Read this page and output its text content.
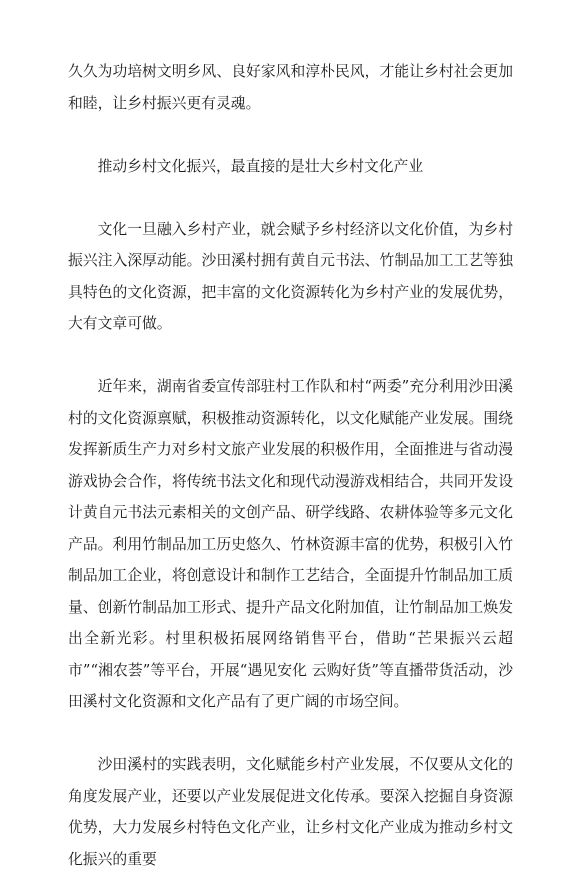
久久为功培树文明乡风、良好家风和淳朴民风，才能让乡村社会更加和睦，让乡村振兴更有灵魂。

推动乡村文化振兴，最直接的是壮大乡村文化产业

文化一旦融入乡村产业，就会赋予乡村经济以文化价值，为乡村振兴注入深厚动能。沙田溪村拥有黄自元书法、竹制品加工工艺等独具特色的文化资源，把丰富的文化资源转化为乡村产业的发展优势，大有文章可做。

近年来，湖南省委宣传部驻村工作队和村“两委”充分利用沙田溪村的文化资源禀赋，积极推动资源转化，以文化赋能产业发展。围绕发挥新质生产力对乡村文旅产业发展的积极作用，全面推进与省动漫游戏协会合作，将传统书法文化和现代动漫游戏相结合，共同开发设计黄自元书法元素相关的文创产品、研学线路、农耕体验等多元文化产品。利用竹制品加工历史悠久、竹林资源丰富的优势，积极引入竹制品加工企业，将创意设计和制作工艺结合，全面提升竹制品加工质量、创新竹制品加工形式、提升产品文化附加值，让竹制品加工焕发出全新光彩。村里积极拓展网络销售平台，借助“芒果振兴云超市”“湘农荟”等平台，开展“遇见安化 云购好货”等直播带货活动，沙田溪村文化资源和文化产品有了更广阔的市场空间。

沙田溪村的实践表明，文化赋能乡村产业发展，不仅要从文化的角度发展产业，还要以产业发展促进文化传承。要深入挖掘自身资源优势，大力发展乡村特色文化产业，让乡村文化产业成为推动乡村文化振兴的重要
